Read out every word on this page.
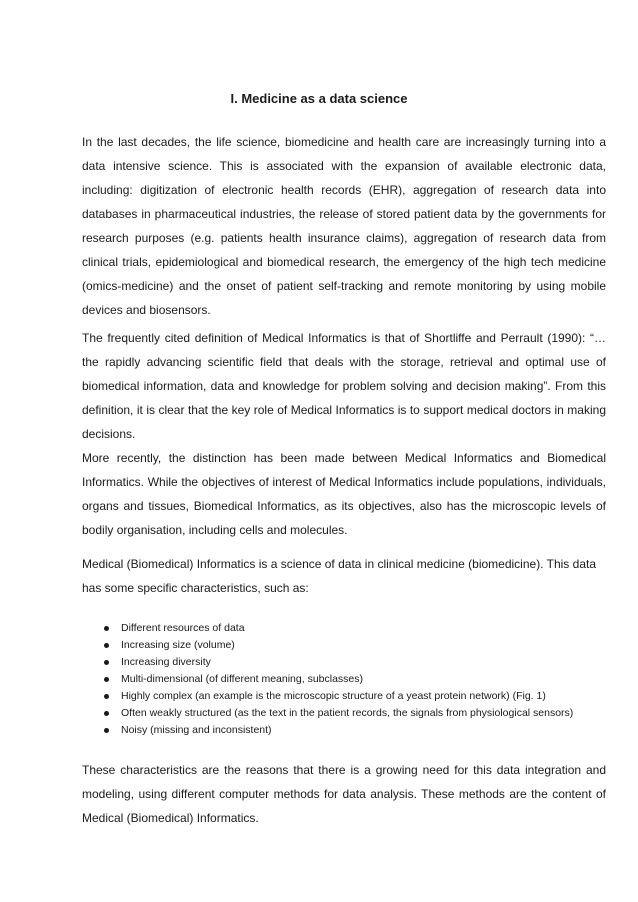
I. Medicine as a data science

In the last decades, the life science, biomedicine and health care are increasingly turning into a data intensive science. This is associated with the expansion of available electronic data, including: digitization of electronic health records (EHR), aggregation of research data into databases in pharmaceutical industries, the release of stored patient data by the governments for research purposes (e.g. patients health insurance claims), aggregation of research data from clinical trials, epidemiological and biomedical research, the emergency of the high tech medicine (omics-medicine) and the onset of patient self-tracking and remote monitoring by using mobile devices and biosensors.

The frequently cited definition of Medical Informatics is that of Shortliffe and Perrault (1990): “… the rapidly advancing scientific field that deals with the storage, retrieval and optimal use of biomedical information, data and knowledge for problem solving and decision making”. From this definition, it is clear that the key role of Medical Informatics is to support medical doctors in making decisions.

More recently, the distinction has been made between Medical Informatics and Biomedical Informatics. While the objectives of interest of Medical Informatics include populations, individuals, organs and tissues, Biomedical Informatics, as its objectives, also has the microscopic levels of bodily organisation, including cells and molecules.

Medical (Biomedical) Informatics is a science of data in clinical medicine (biomedicine). This data has some specific characteristics, such as:

Different resources of data
Increasing size (volume)
Increasing diversity
Multi-dimensional (of different meaning, subclasses)
Highly complex (an example is the microscopic structure of a yeast protein network) (Fig. 1)
Often weakly structured (as the text in the patient records, the signals from physiological sensors)
Noisy (missing and inconsistent)

These characteristics are the reasons that there is a growing need for this data integration and modeling, using different computer methods for data analysis. These methods are the content of Medical (Biomedical) Informatics.
